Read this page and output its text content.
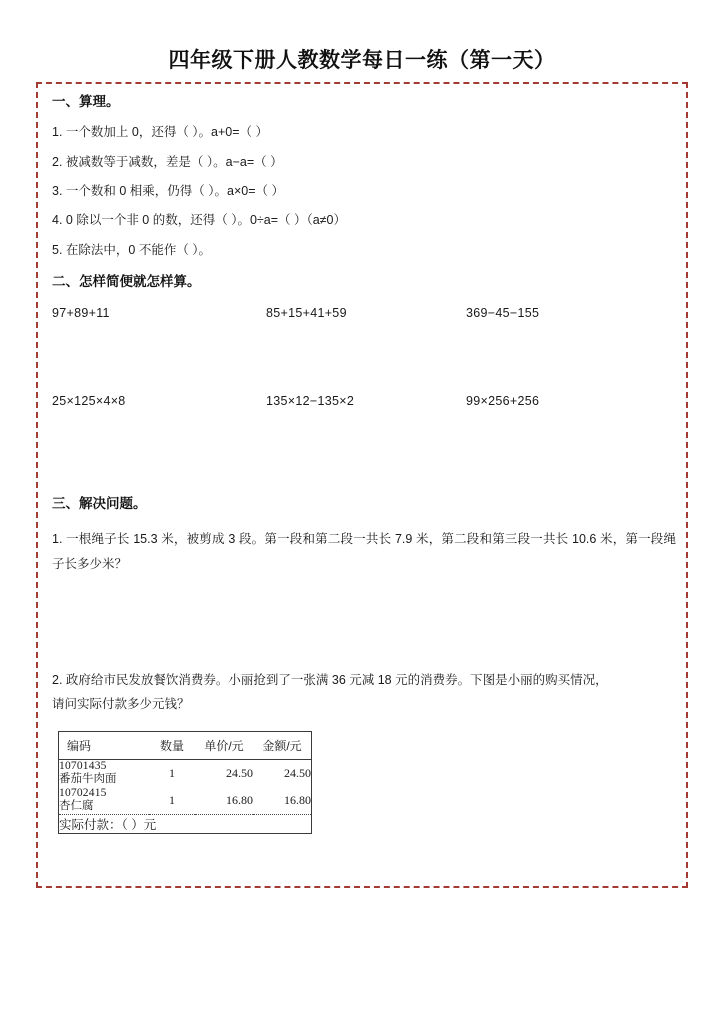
四年级下册人教数学每日一练（第一天）
一、算理。
1. 一个数加上 0，还得（ ）。a+0=（ ）
2. 被减数等于减数，差是（ ）。a−a=（ ）
3. 一个数和 0 相乘，仍得（ ）。a×0=（ ）
4. 0 除以一个非 0 的数，还得（ ）。0÷a=（ ）（a≠0）
5. 在除法中，0 不能作（ ）。
二、怎样简便就怎样算。
97+89+11	85+15+41+59	369−45−155
25×125×4×8	135×12−135×2	99×256+256
三、解决问题。

1. 一根绳子长 15.3 米，被剪成 3 段。第一段和第二段一共长 7.9 米，第二段和第三段一共长 10.6 米，第一段绳子长多少米？

2. 政府给市民发放餐饮消费券。小丽抢到了一张满 36 元减 18 元的消费券。下图是小丽的购买情况，

请问实际付款多少元钱？

编码	数量	单价/元	金额/元

10701435
番茄牛肉面	1	24.50	24.50

10702415
杏仁腐	1	16.80	16.80
实际付款：（ ）元			
